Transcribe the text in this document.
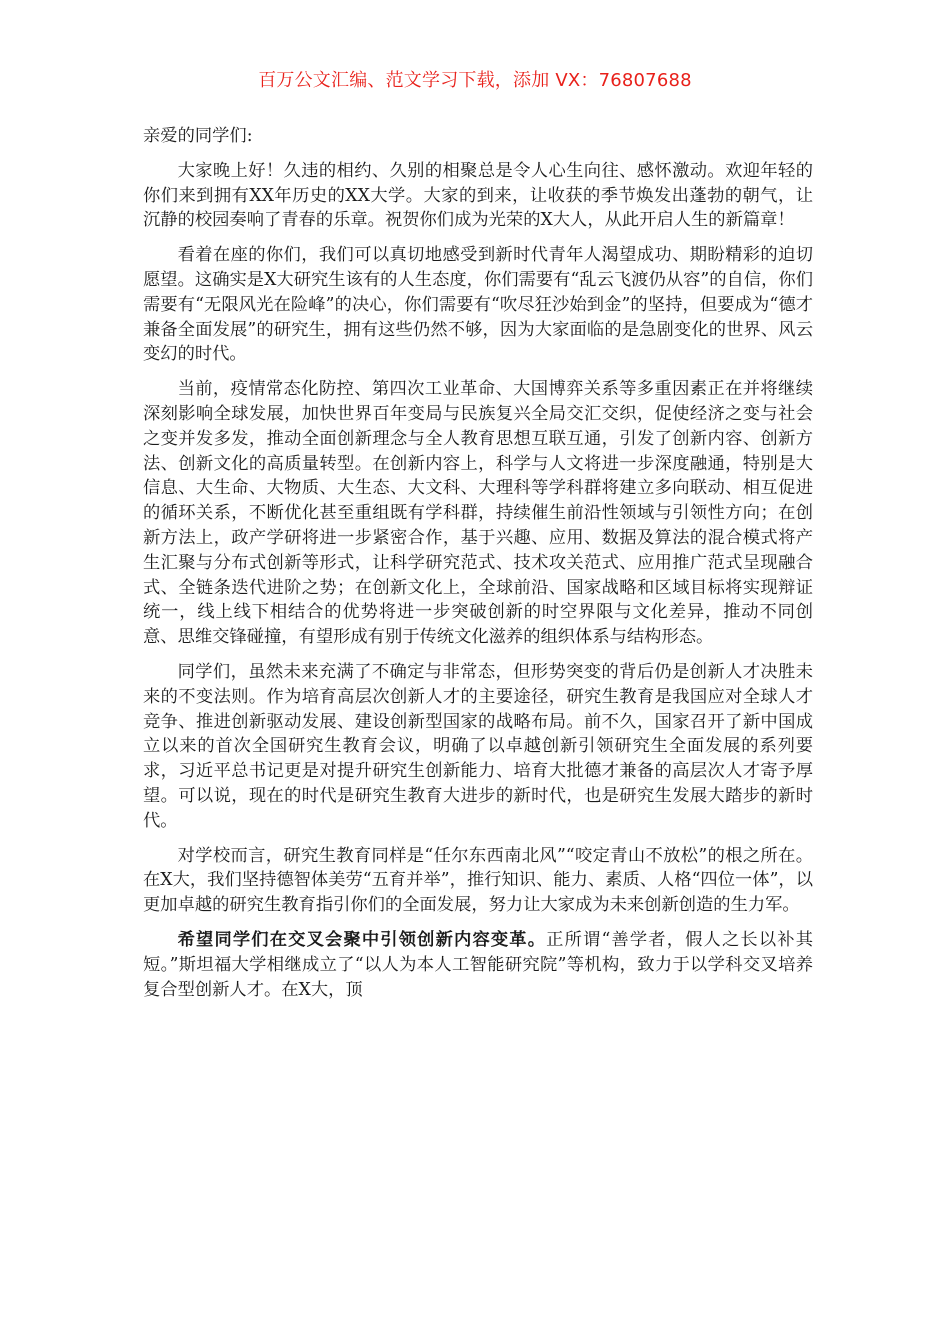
百万公文汇编、范文学习下载，添加 VX：76807688

亲爱的同学们:

大家晚上好！久违的相约、久别的相聚总是令人心生向往、感怀激动。欢迎年轻的你们来到拥有XX年历史的XX大学。大家的到来，让收获的季节焕发出蓬勃的朝气，让沉静的校园奏响了青春的乐章。祝贺你们成为光荣的X大人，从此开启人生的新篇章！

看着在座的你们，我们可以真切地感受到新时代青年人渴望成功、期盼精彩的迫切愿望。这确实是X大研究生该有的人生态度，你们需要有“乱云飞渡仍从容”的自信，你们需要有“无限风光在险峰”的决心，你们需要有“吹尽狂沙始到金”的坚持，但要成为“德才兼备全面发展”的研究生，拥有这些仍然不够，因为大家面临的是急剧变化的世界、风云变幻的时代。

当前，疫情常态化防控、第四次工业革命、大国博弈关系等多重因素正在并将继续深刻影响全球发展，加快世界百年变局与民族复兴全局交汇交织，促使经济之变与社会之变并发多发，推动全面创新理念与全人教育思想互联互通，引发了创新内容、创新方法、创新文化的高质量转型。在创新内容上，科学与人文将进一步深度融通，特别是大信息、大生命、大物质、大生态、大文科、大理科等学科群将建立多向联动、相互促进的循环关系，不断优化甚至重组既有学科群，持续催生前沿性领域与引领性方向；在创新方法上，政产学研将进一步紧密合作，基于兴趣、应用、数据及算法的混合模式将产生汇聚与分布式创新等形式，让科学研究范式、技术攻关范式、应用推广范式呈现融合式、全链条迭代进阶之势；在创新文化上，全球前沿、国家战略和区域目标将实现辩证统一，线上线下相结合的优势将进一步突破创新的时空界限与文化差异，推动不同创意、思维交锋碰撞，有望形成有别于传统文化滋养的组织体系与结构形态。

同学们，虽然未来充满了不确定与非常态，但形势突变的背后仍是创新人才决胜未来的不变法则。作为培育高层次创新人才的主要途径，研究生教育是我国应对全球人才竞争、推进创新驱动发展、建设创新型国家的战略布局。前不久，国家召开了新中国成立以来的首次全国研究生教育会议，明确了以卓越创新引领研究生全面发展的系列要求，习近平总书记更是对提升研究生创新能力、培育大批德才兼备的高层次人才寄予厚望。可以说，现在的时代是研究生教育大进步的新时代，也是研究生发展大踏步的新时代。

对学校而言，研究生教育同样是“任尔东西南北风”“咬定青山不放松”的根之所在。在X大，我们坚持德智体美劳“五育并举”，推行知识、能力、素质、人格“四位一体”，以更加卓越的研究生教育指引你们的全面发展，努力让大家成为未来创新创造的生力军。

希望同学们在交叉会聚中引领创新内容变革。正所谓“善学者，假人之长以补其短。”斯坦福大学相继成立了“以人为本人工智能研究院”等机构，致力于以学科交叉培养复合型创新人才。在X大，顶
